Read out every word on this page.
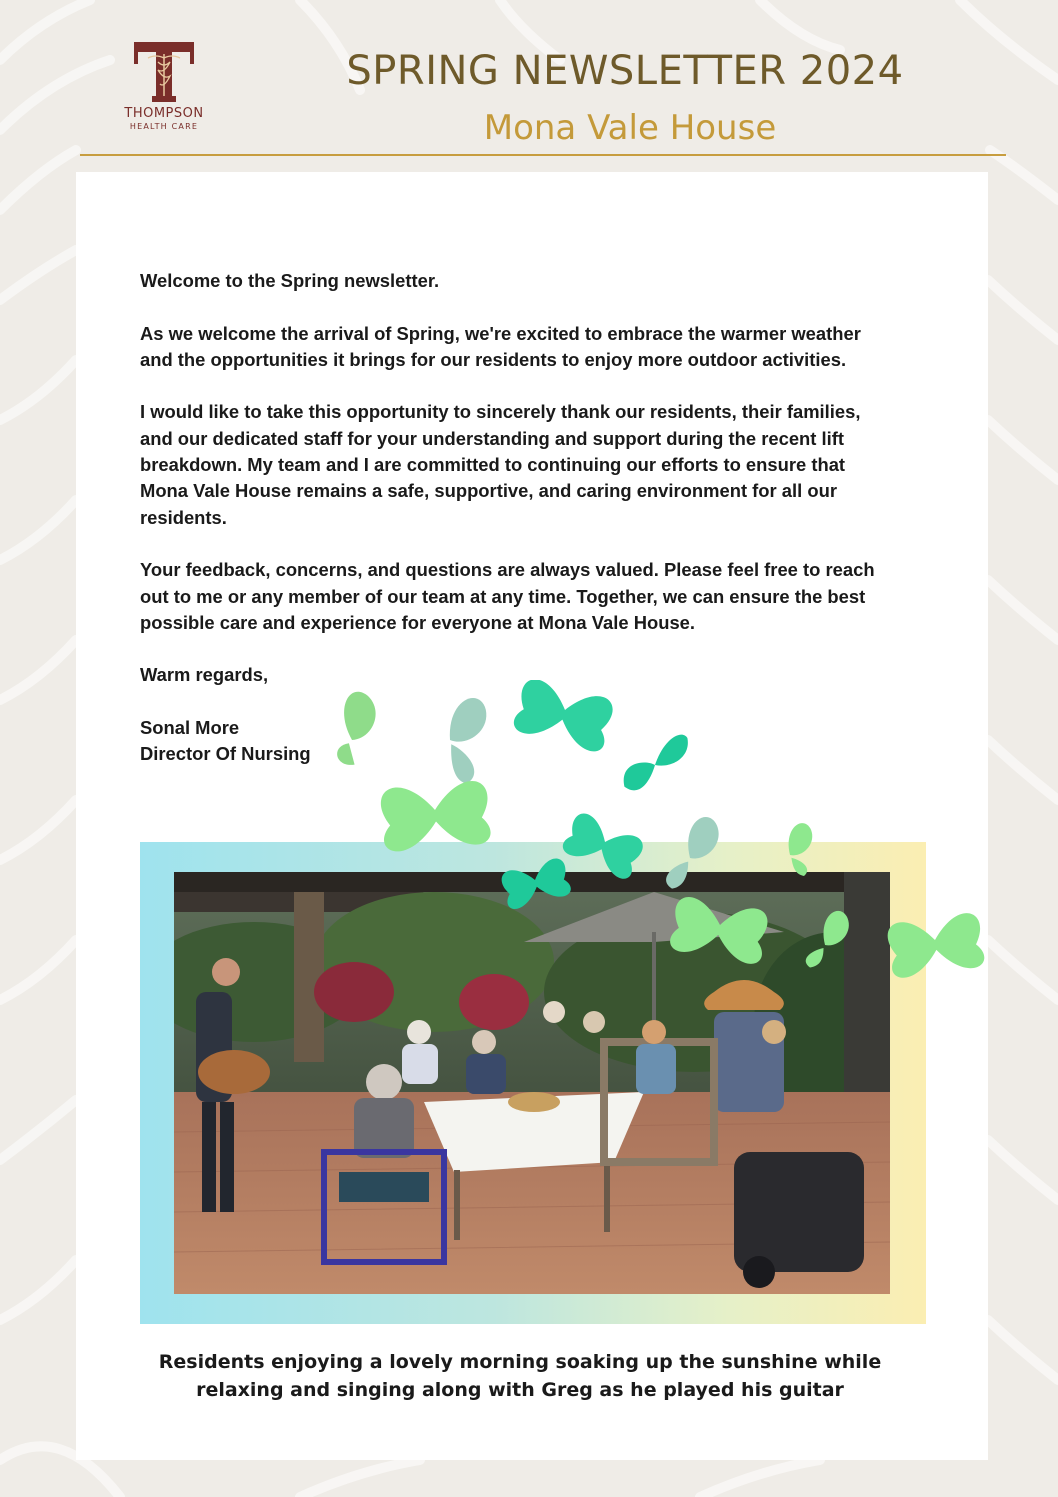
THOMPSON
HEALTH CARE
SPRING NEWSLETTER 2024
Mona Vale House

Welcome to the Spring newsletter.

As we welcome the arrival of Spring, we're excited to embrace the warmer weather and the opportunities it brings for our residents to enjoy more outdoor activities.

I would like to take this opportunity to sincerely thank our residents, their families, and our dedicated staff for your understanding and support during the recent lift breakdown. My team and I are committed to continuing our efforts to ensure that Mona Vale House remains a safe, supportive, and caring environment for all our residents.

Your feedback, concerns, and questions are always valued. Please feel free to reach out to me or any member of our team at any time. Together, we can ensure the best possible care and experience for everyone at Mona Vale House.

Warm regards,

Sonal More

Director Of Nursing

Residents enjoying a lovely morning soaking up the sunshine while
relaxing and singing along with Greg as he played his guitar
